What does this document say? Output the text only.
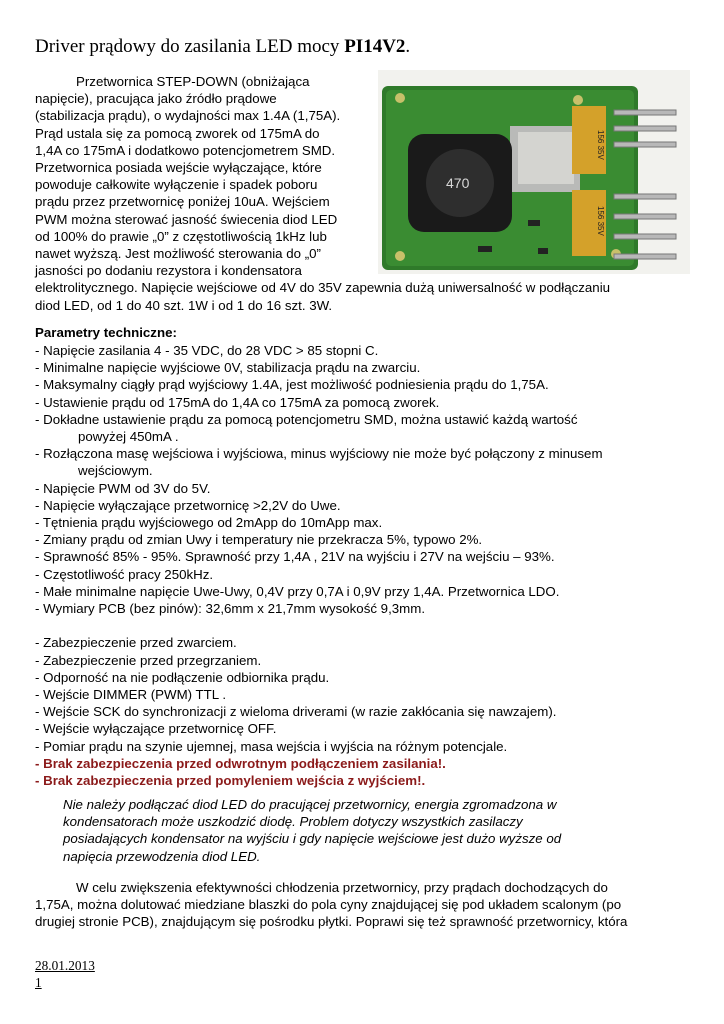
Driver prądowy do zasilania LED mocy PI14V2.
470
156 35V
156 35V
Przetwornica STEP-DOWN (obniżająca
napięcie), pracująca jako źródło prądowe
(stabilizacja prądu), o wydajności max 1.4A (1,75A).
Prąd ustala się za pomocą zworek od 175mA do
1,4A co 175mA i dodatkowo potencjometrem SMD.
Przetwornica posiada wejście wyłączające, które
powoduje całkowite wyłączenie i spadek poboru
prądu przez przetwornicę poniżej 10uA. Wejściem
PWM można sterować jasność świecenia diod LED
od 100% do prawie „0” z częstotliwością 1kHz lub
nawet wyższą. Jest możliwość sterowania do „0”
jasności po dodaniu rezystora i kondensatora
elektrolitycznego. Napięcie wejściowe od 4V do 35V zapewnia dużą uniwersalność w podłączaniu
diod LED, od 1 do 40 szt. 1W i od 1 do 16 szt. 3W.
Parametry techniczne:
- Napięcie zasilania 4 - 35 VDC, do 28 VDC > 85 stopni C.
- Minimalne napięcie wyjściowe 0V, stabilizacja prądu na zwarciu.
- Maksymalny ciągły prąd wyjściowy 1.4A, jest możliwość podniesienia prądu do 1,75A.
- Ustawienie prądu od 175mA do 1,4A co 175mA za pomocą zworek.
- Dokładne ustawienie prądu za pomocą potencjometru SMD, można ustawić każdą wartość
powyżej 450mA .
- Rozłączona masę wejściowa i wyjściowa, minus wyjściowy nie może być połączony z minusem
wejściowym.
- Napięcie PWM od 3V do 5V.
- Napięcie wyłączające przetwornicę >2,2V do Uwe.
- Tętnienia prądu wyjściowego od 2mApp do 10mApp max.
- Zmiany prądu od zmian Uwy i temperatury nie przekracza 5%, typowo 2%.
- Sprawność 85% - 95%. Sprawność przy 1,4A , 21V na wyjściu i 27V na wejściu – 93%.
- Częstotliwość pracy 250kHz.
- Małe minimalne napięcie Uwe-Uwy, 0,4V przy 0,7A i 0,9V przy 1,4A. Przetwornica LDO.
- Wymiary PCB (bez pinów): 32,6mm x 21,7mm wysokość 9,3mm.
- Zabezpieczenie przed zwarciem.
- Zabezpieczenie przed przegrzaniem.
- Odporność na nie podłączenie odbiornika prądu.
- Wejście DIMMER (PWM) TTL .
- Wejście SCK do synchronizacji z wieloma driverami (w razie zakłócania się nawzajem).
- Wejście wyłączające przetwornicę OFF.
- Pomiar prądu na szynie ujemnej, masa wejścia i wyjścia na różnym potencjale.
- Brak zabezpieczenia przed odwrotnym podłączeniem zasilania!.
- Brak zabezpieczenia przed pomyleniem wejścia z wyjściem!.
Nie należy podłączać diod LED do pracującej przetwornicy, energia zgromadzona w
kondensatorach może uszkodzić diodę. Problem dotyczy wszystkich zasilaczy
posiadających kondensator na wyjściu i gdy napięcie wejściowe jest dużo wyższe od
napięcia przewodzenia diod LED.
W celu zwiększenia efektywności chłodzenia przetwornicy, przy prądach dochodzących do
1,75A, można dolutować miedziane blaszki do pola cyny znajdującej się pod układem scalonym (po
drugiej stronie PCB), znajdującym się pośrodku płytki. Poprawi się też sprawność przetwornicy, która
28.01.2013
1
